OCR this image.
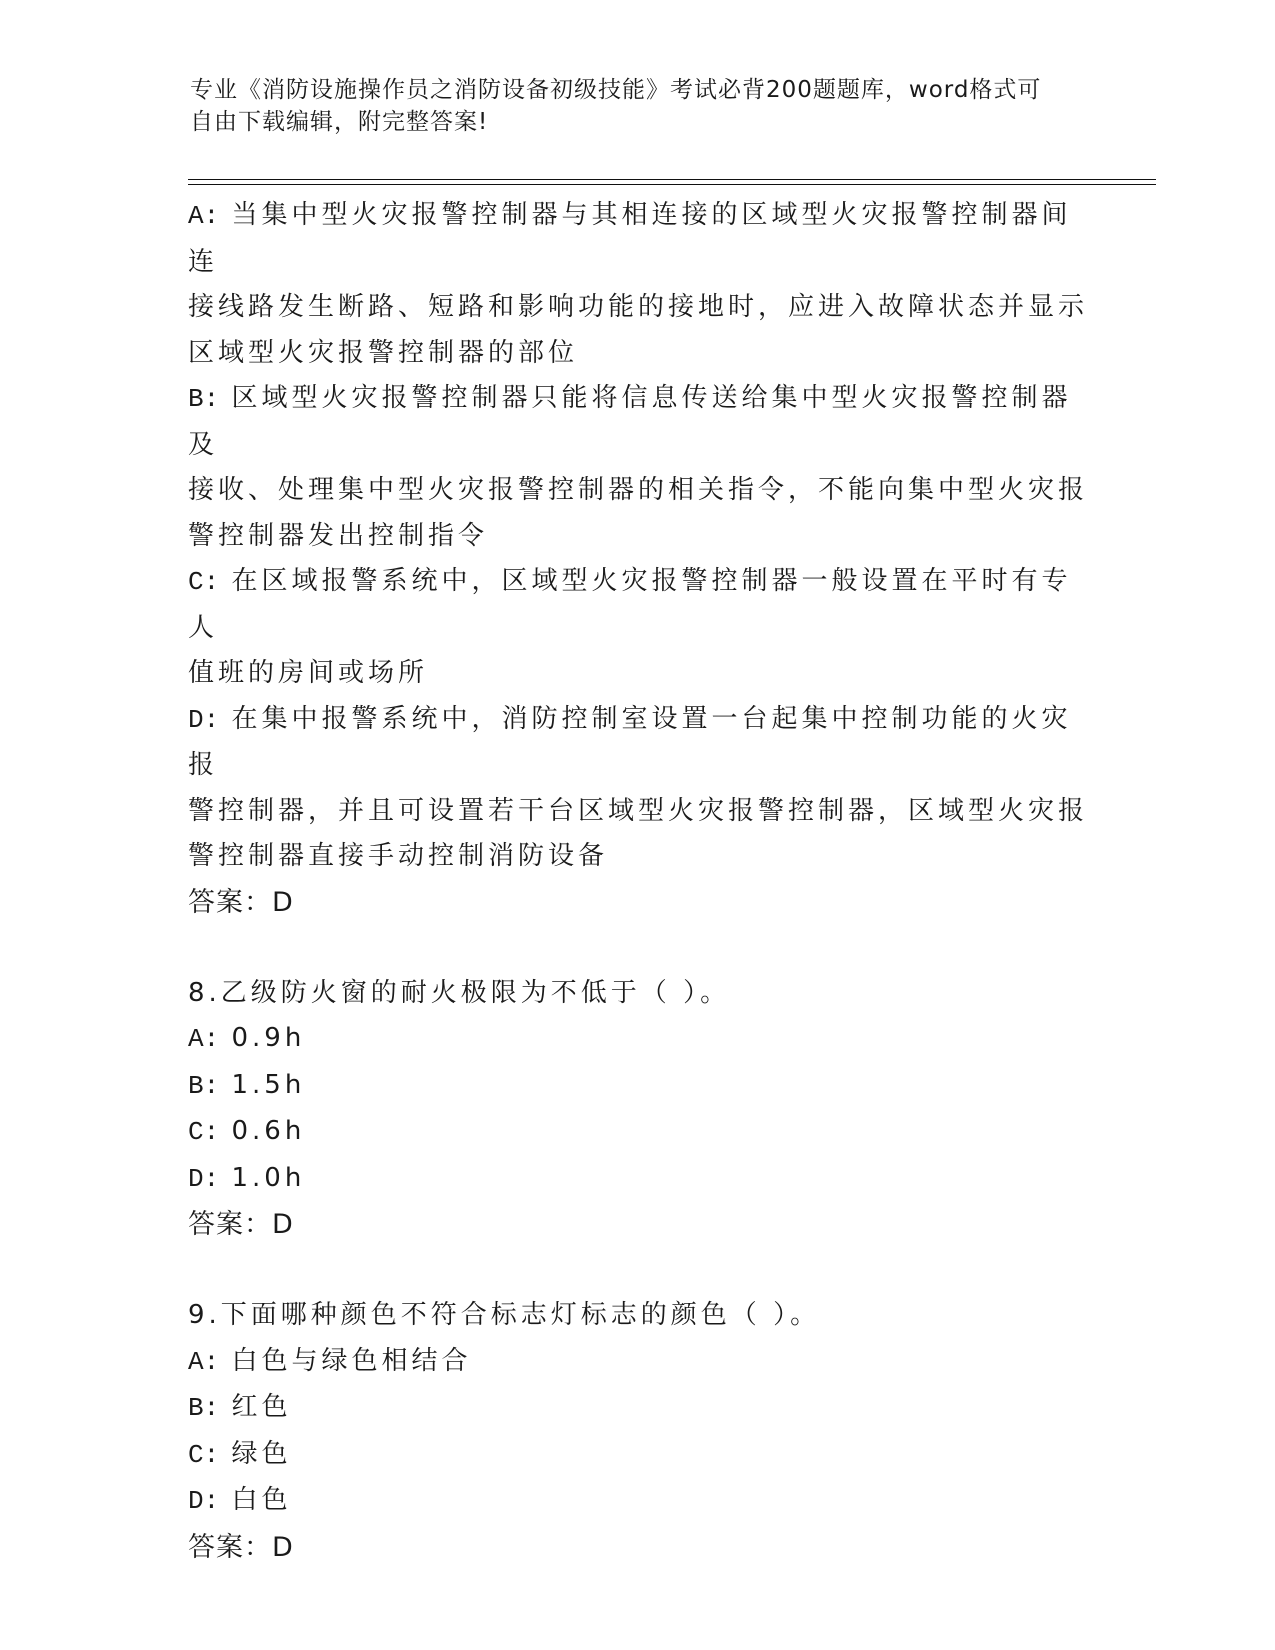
专业《消防设施操作员之消防设备初级技能》考试必背200题题库，word格式可
自由下载编辑，附完整答案!

A: 当集中型火灾报警控制器与其相连接的区域型火灾报警控制器间连

接线路发生断路、短路和影响功能的接地时，应进入故障状态并显示

区域型火灾报警控制器的部位

B: 区域型火灾报警控制器只能将信息传送给集中型火灾报警控制器及

接收、处理集中型火灾报警控制器的相关指令，不能向集中型火灾报

警控制器发出控制指令

C: 在区域报警系统中，区域型火灾报警控制器一般设置在平时有专人

值班的房间或场所

D: 在集中报警系统中，消防控制室设置一台起集中控制功能的火灾报

警控制器，并且可设置若干台区域型火灾报警控制器，区域型火灾报

警控制器直接手动控制消防设备

答案：D

8.乙级防火窗的耐火极限为不低于（ ）。

A: 0.9h

B: 1.5h

C: 0.6h

D: 1.0h

答案：D

9.下面哪种颜色不符合标志灯标志的颜色（ ）。

A: 白色与绿色相结合

B: 红色

C: 绿色

D: 白色

答案：D
